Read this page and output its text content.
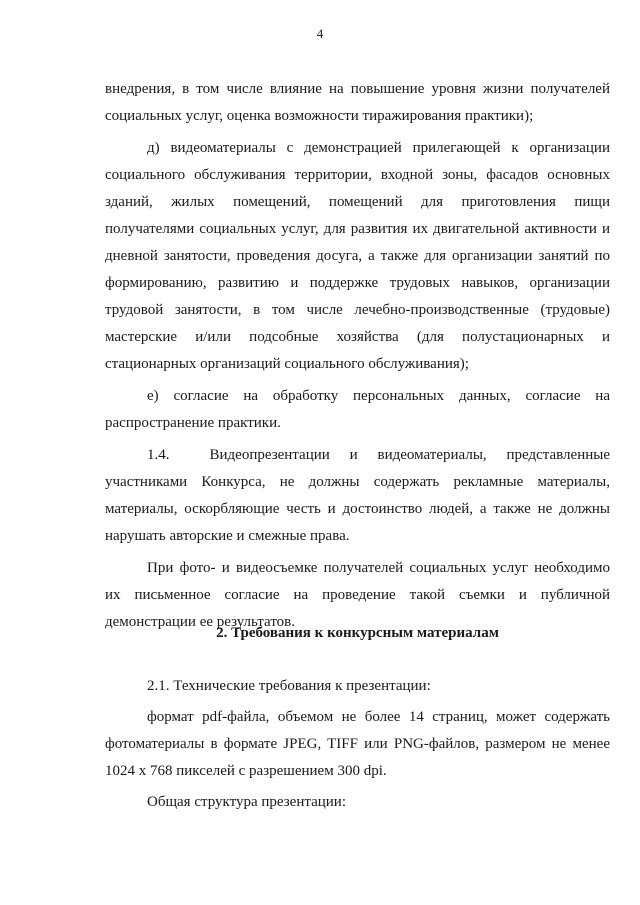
4

внедрения, в том числе влияние на повышение уровня жизни получателей социальных услуг, оценка возможности тиражирования практики);

д) видеоматериалы с демонстрацией прилегающей к организации социального обслуживания территории, входной зоны, фасадов основных зданий, жилых помещений, помещений для приготовления пищи получателями социальных услуг, для развития их двигательной активности и дневной занятости, проведения досуга, а также для организации занятий по формированию, развитию и поддержке трудовых навыков, организации трудовой занятости, в том числе лечебно-производственные (трудовые) мастерские и/или подсобные хозяйства (для полустационарных и стационарных организаций социального обслуживания);

е) согласие на обработку персональных данных, согласие на распространение практики.

1.4.	Видеопрезентации и видеоматериалы, представленные участниками Конкурса, не должны содержать рекламные материалы, материалы, оскорбляющие честь и достоинство людей, а также не должны нарушать авторские и смежные права.

При фото- и видеосъемке получателей социальных услуг необходимо их письменное согласие на проведение такой съемки и публичной демонстрации ее результатов.

2. Требования к конкурсным материалам

2.1. Технические требования к презентации:

формат pdf-файла, объемом не более 14 страниц, может содержать фотоматериалы в формате JPEG, TIFF или PNG-файлов, размером не менее 1024 х 768 пикселей с разрешением 300 dpi.

Общая структура презентации:
